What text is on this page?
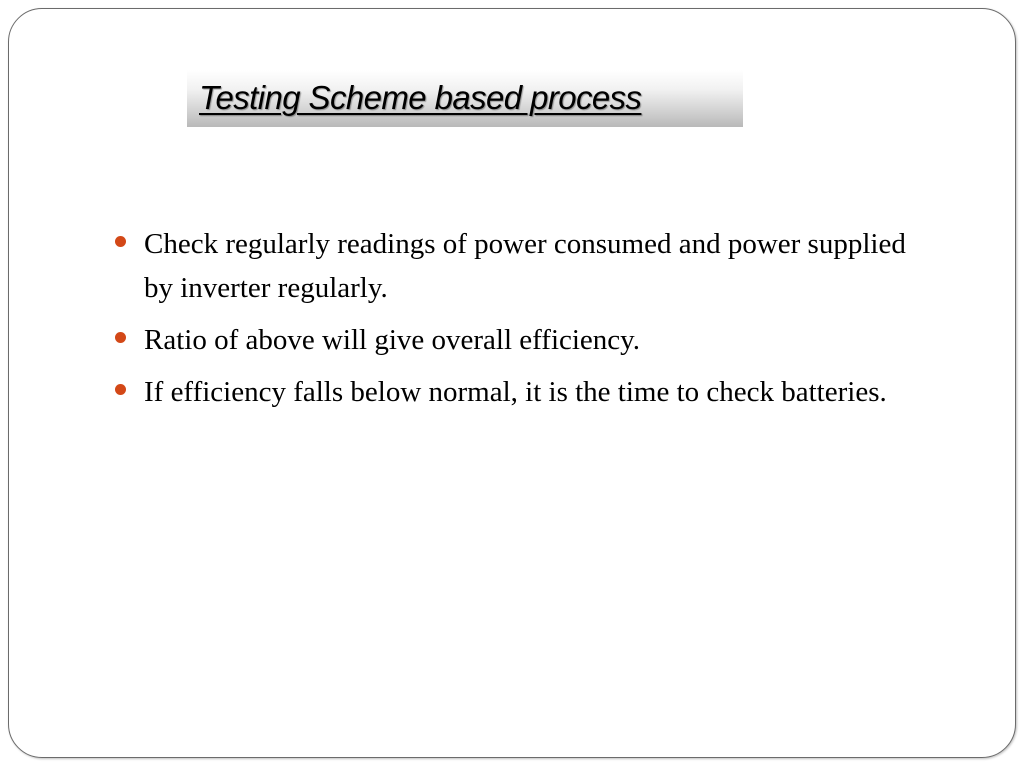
Testing Scheme based process
Check regularly readings of power consumed and power supplied by inverter regularly.
Ratio of above will give overall efficiency.
If efficiency falls below normal, it is the time to check batteries.
